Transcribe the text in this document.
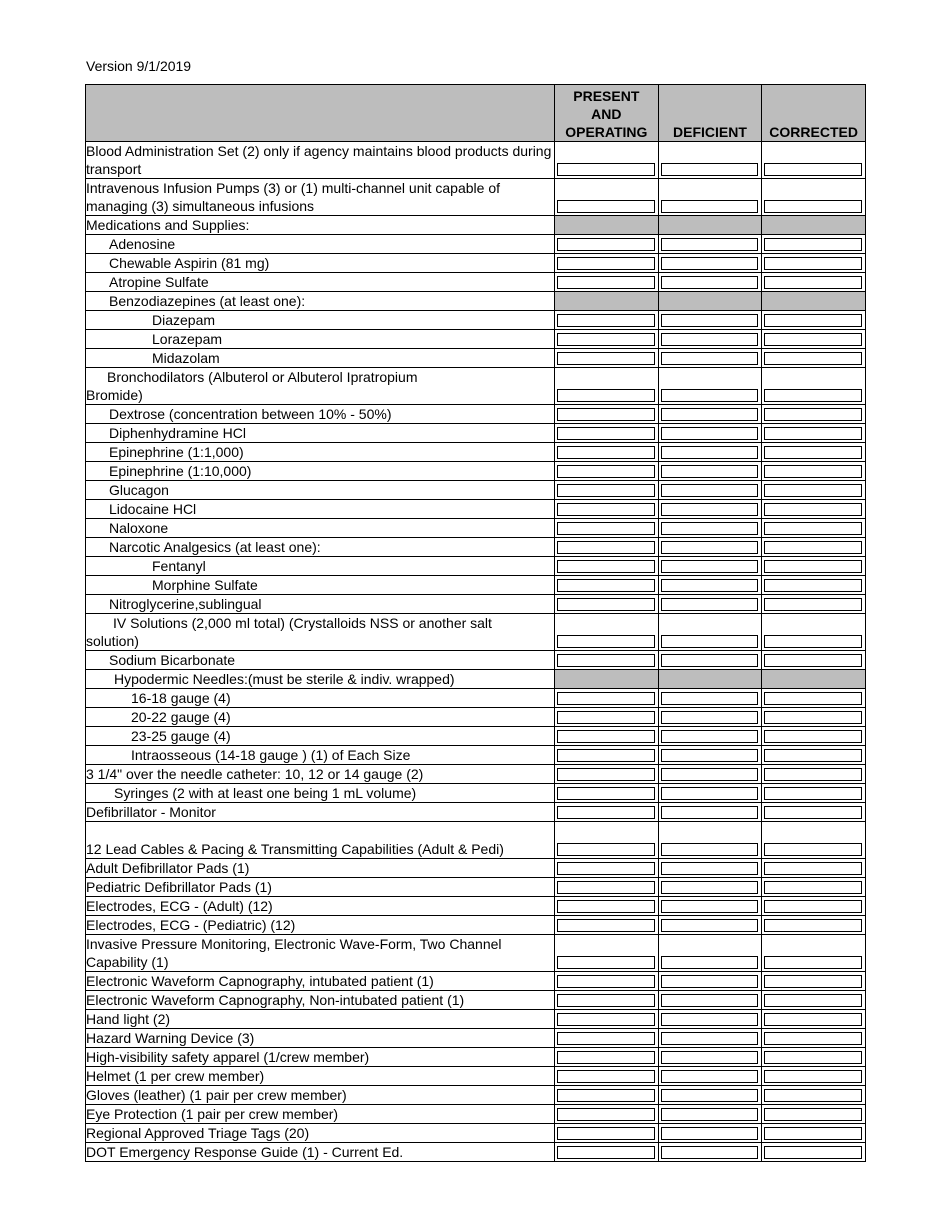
Version 9/1/2019

	PRESENT
AND
OPERATING	DEFICIENT	CORRECTED

Blood Administration Set (2) only if agency maintains blood products during transport			

Intravenous Infusion Pumps (3) or (1) multi-channel unit capable of managing (3) simultaneous infusions			

Medications and Supplies:			

Adenosine			

Chewable Aspirin (81 mg)			

Atropine Sulfate			

Benzodiazepines (at least one):			

Diazepam			

Lorazepam			

Midazolam			

Bronchodilators (Albuterol or Albuterol Ipratropium
Bromide)			

Dextrose (concentration between 10% - 50%)			

Diphenhydramine HCl			

Epinephrine (1:1,000)			

Epinephrine (1:10,000)			

Glucagon			

Lidocaine HCl			

Naloxone			

Narcotic Analgesics (at least one):			

Fentanyl			

Morphine Sulfate			

Nitroglycerine,sublingual			

IV Solutions (2,000 ml total) (Crystalloids NSS or another salt
solution)			

Sodium Bicarbonate			

Hypodermic Needles:(must be sterile & indiv. wrapped)			

16-18 gauge (4)			

20-22 gauge (4)			

23-25 gauge (4)			

Intraosseous (14-18 gauge ) (1) of Each Size			

3 1/4" over the needle catheter: 10, 12 or 14 gauge (2)			

Syringes (2 with at least one being 1 mL volume)			

Defibrillator - Monitor			

12 Lead Cables & Pacing & Transmitting Capabilities (Adult & Pedi)			

Adult Defibrillator Pads (1)			

Pediatric Defibrillator Pads (1)			

Electrodes, ECG - (Adult) (12)			

Electrodes, ECG - (Pediatric) (12)			

Invasive Pressure Monitoring, Electronic Wave-Form, Two Channel Capability (1)			

Electronic Waveform Capnography, intubated patient (1)			

Electronic Waveform Capnography, Non-intubated patient (1)			

Hand light (2)			

Hazard Warning Device (3)			

High-visibility safety apparel (1/crew member)			

Helmet (1 per crew member)			

Gloves (leather) (1 pair per crew member)			

Eye Protection (1 pair per crew member)			

Regional Approved Triage Tags (20)			

DOT Emergency Response Guide (1) - Current Ed.			
